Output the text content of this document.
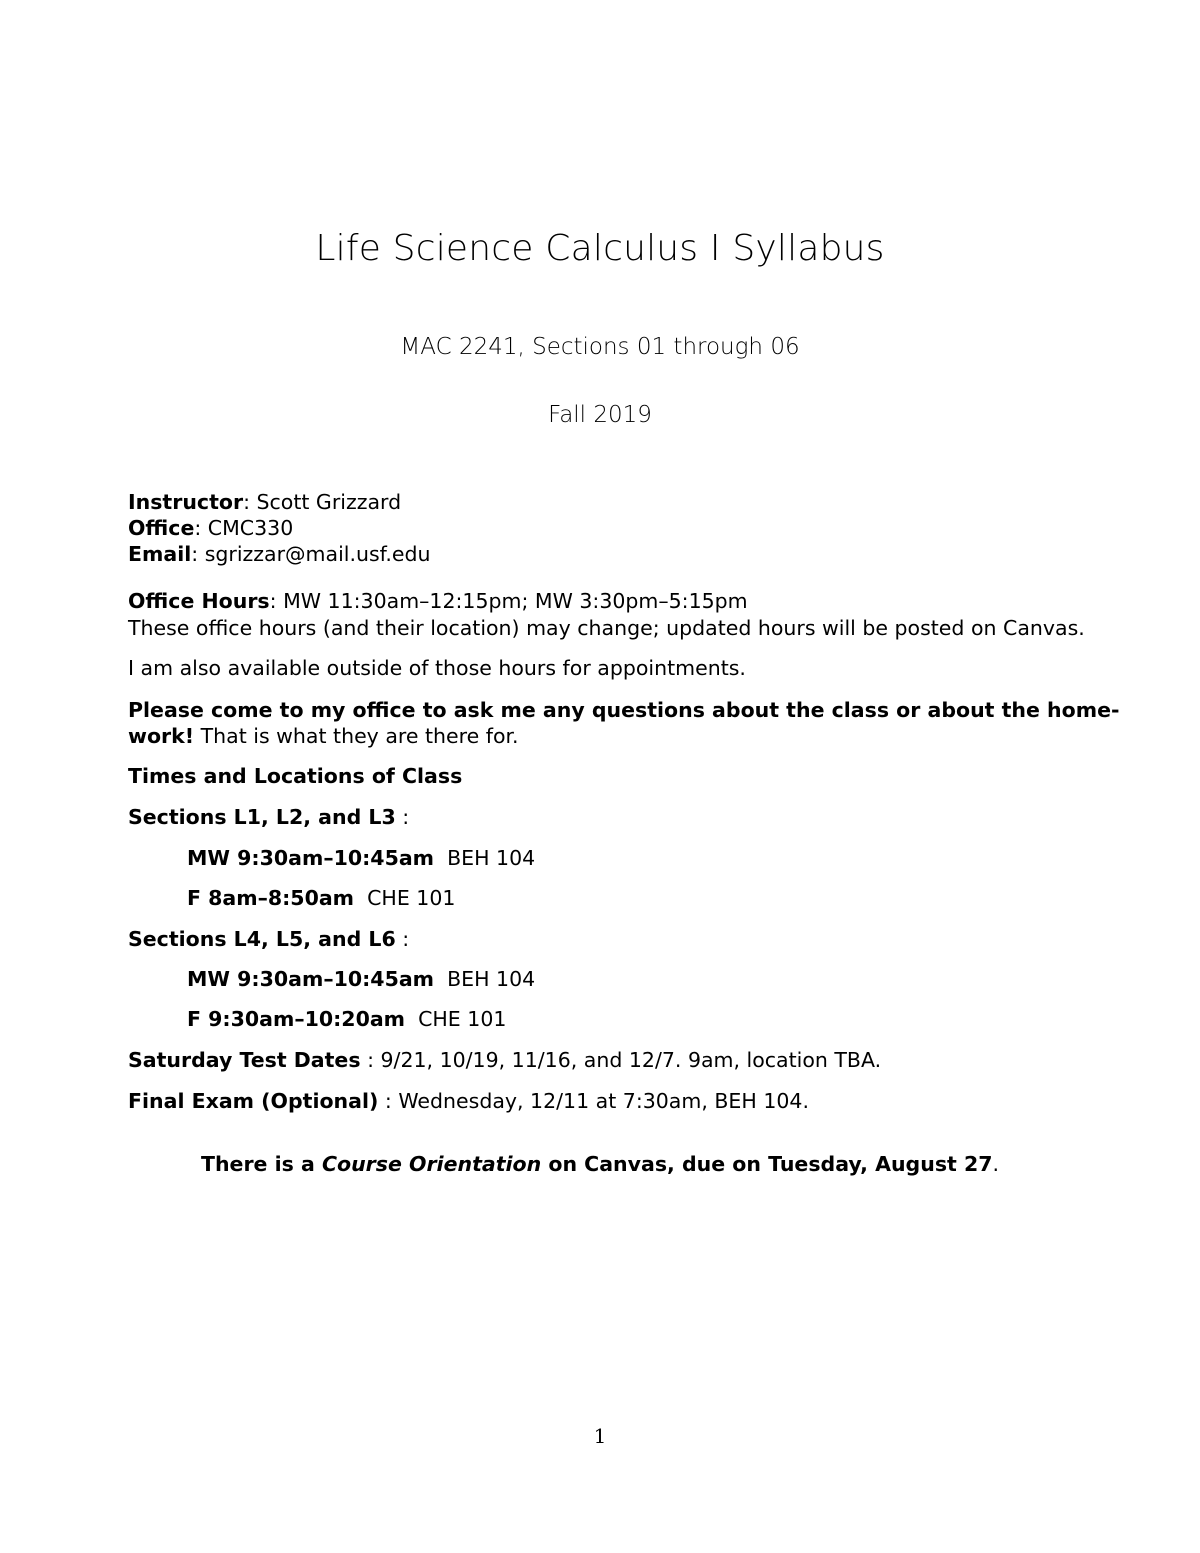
Life Science Calculus I Syllabus
MAC 2241, Sections 01 through 06
Fall 2019
Instructor: Scott Grizzard
Office: CMC330
Email: sgrizzar@mail.usf.edu
Office Hours: MW 11:30am–12:15pm; MW 3:30pm–5:15pm
These office hours (and their location) may change; updated hours will be posted on Canvas.
I am also available outside of those hours for appointments.
Please come to my office to ask me any questions about the class or about the home-
work! That is what they are there for.
Times and Locations of Class
Sections L1, L2, and L3 :
MW 9:30am–10:45am BEH 104
F 8am–8:50am CHE 101
Sections L4, L5, and L6 :
MW 9:30am–10:45am BEH 104
F 9:30am–10:20am CHE 101
Saturday Test Dates : 9/21, 10/19, 11/16, and 12/7. 9am, location TBA.
Final Exam (Optional) : Wednesday, 12/11 at 7:30am, BEH 104.
There is a Course Orientation on Canvas, due on Tuesday, August 27.
1
